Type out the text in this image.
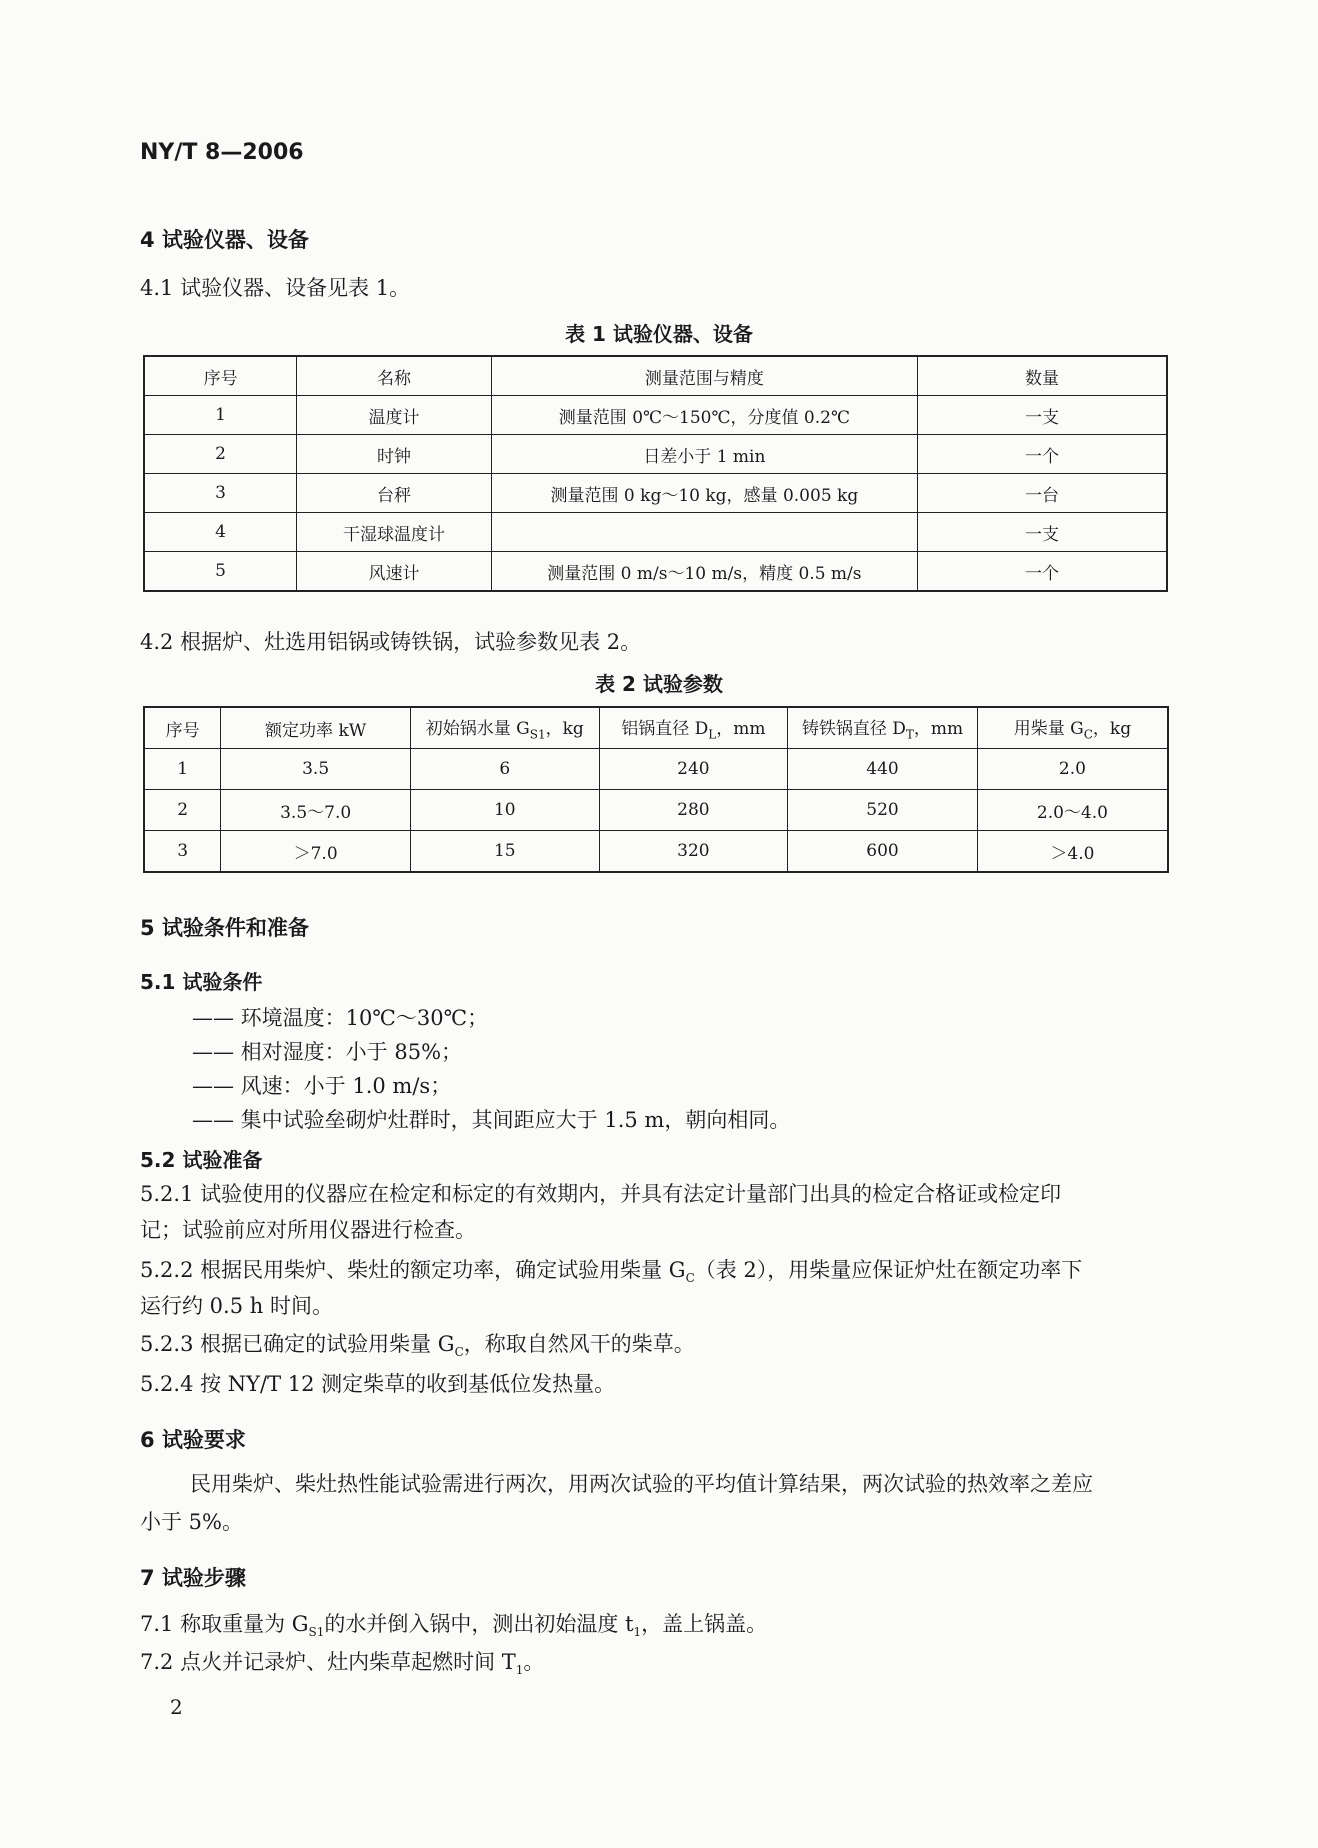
NY/T 8—2006
4 试验仪器、设备
4.1 试验仪器、设备见表 1。
表 1 试验仪器、设备
序号	名称	测量范围与精度	数量
1	温度计	测量范围 0℃～150℃，分度值 0.2℃	一支
2	时钟	日差小于 1 min	一个
3	台秤	测量范围 0 kg～10 kg，感量 0.005 kg	一台
4	干湿球温度计		一支
5	风速计	测量范围 0 m/s～10 m/s，精度 0.5 m/s	一个
4.2 根据炉、灶选用铝锅或铸铁锅，试验参数见表 2。
表 2 试验参数
序号	额定功率 kW	初始锅水量 $G_{S1}$，kg	铝锅直径 $D_L$，mm	铸铁锅直径 $D_T$，mm	用柴量 $G_C$，kg
1	3.5	6	240	440	2.0
2	3.5～7.0	10	280	520	2.0～4.0
3	＞7.0	15	320	600	＞4.0
5 试验条件和准备
5.1 试验条件
—— 环境温度：10℃～30℃；
—— 相对湿度：小于 85%；
—— 风速：小于 1.0 m/s；
—— 集中试验垒砌炉灶群时，其间距应大于 1.5 m，朝向相同。
5.2 试验准备
5.2.1 试验使用的仪器应在检定和标定的有效期内，并具有法定计量部门出具的检定合格证或检定印
记；试验前应对所用仪器进行检查。
5.2.2 根据民用柴炉、柴灶的额定功率，确定试验用柴量 $G_C$（表 2），用柴量应保证炉灶在额定功率下
运行约 0.5 h 时间。
5.2.3 根据已确定的试验用柴量 $G_C$，称取自然风干的柴草。
5.2.4 按 NY/T 12 测定柴草的收到基低位发热量。
6 试验要求
民用柴炉、柴灶热性能试验需进行两次，用两次试验的平均值计算结果，两次试验的热效率之差应
小于 5%。
7 试验步骤
7.1 称取重量为 $G_{S1}$的水并倒入锅中，测出初始温度 $t_1$，盖上锅盖。
7.2 点火并记录炉、灶内柴草起燃时间 $T_1$。
2
